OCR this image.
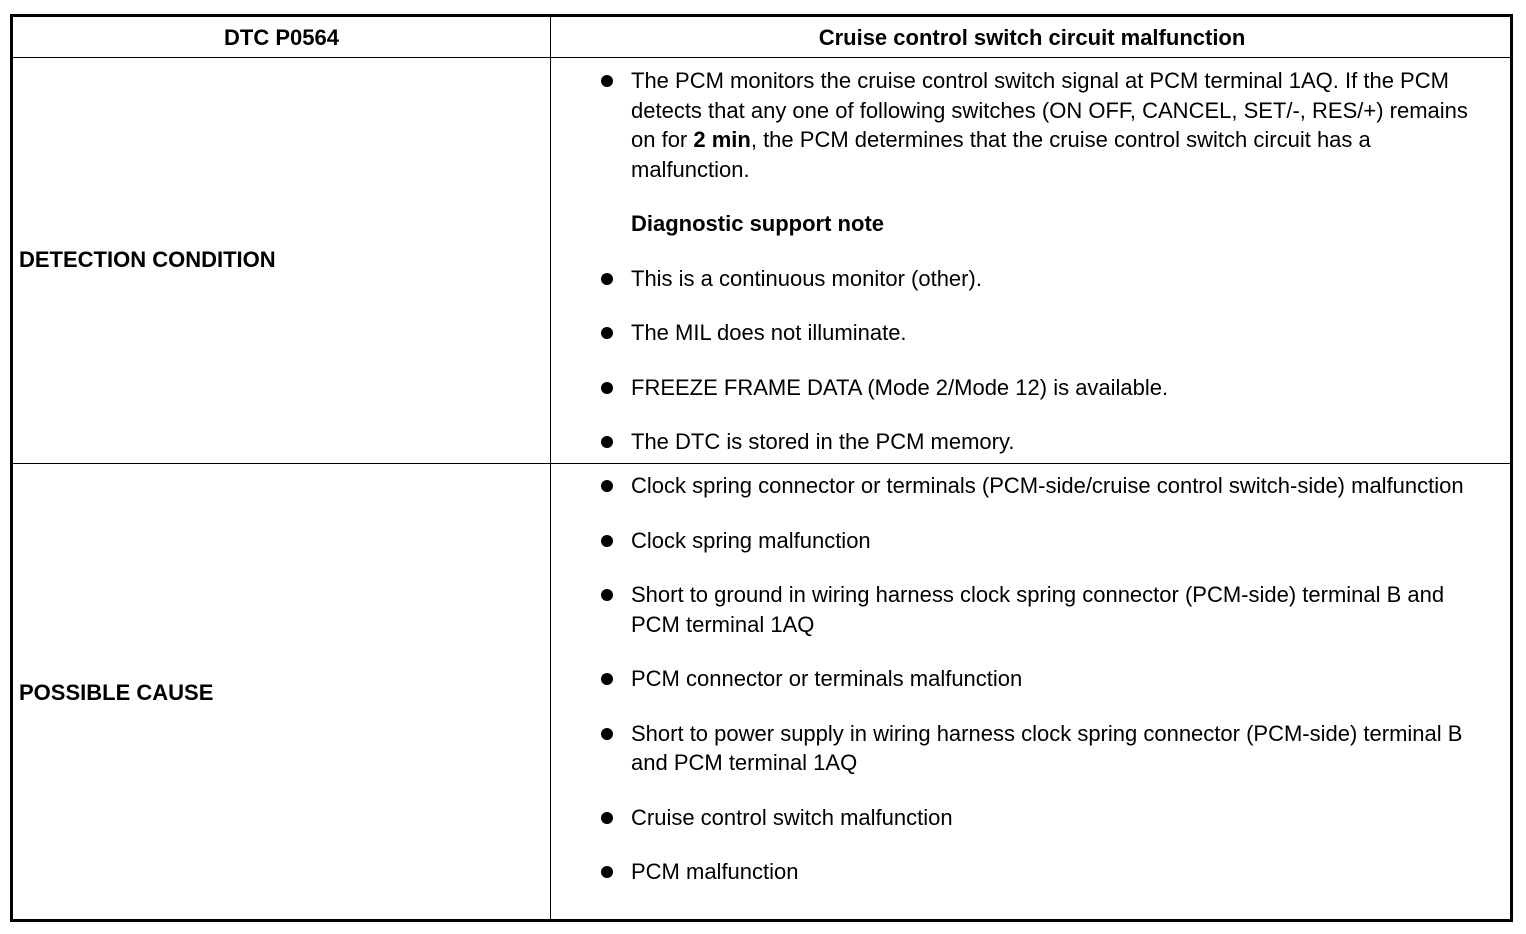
DTC P0564	Cruise control switch circuit malfunction
DETECTION CONDITION
The PCM monitors the cruise control switch signal at PCM terminal 1AQ. If the PCM detects that any one of following switches (ON OFF, CANCEL, SET/-, RES/+) remains on for 2 min, the PCM determines that the cruise control switch circuit has a malfunction.
Diagnostic support note
This is a continuous monitor (other).
The MIL does not illuminate.
FREEZE FRAME DATA (Mode 2/Mode 12) is available.
The DTC is stored in the PCM memory.
POSSIBLE CAUSE
Clock spring connector or terminals (PCM-side/cruise control switch-side) malfunction
Clock spring malfunction
Short to ground in wiring harness clock spring connector (PCM-side) terminal B and PCM terminal 1AQ
PCM connector or terminals malfunction
Short to power supply in wiring harness clock spring connector (PCM-side) terminal B and PCM terminal 1AQ
Cruise control switch malfunction
PCM malfunction
